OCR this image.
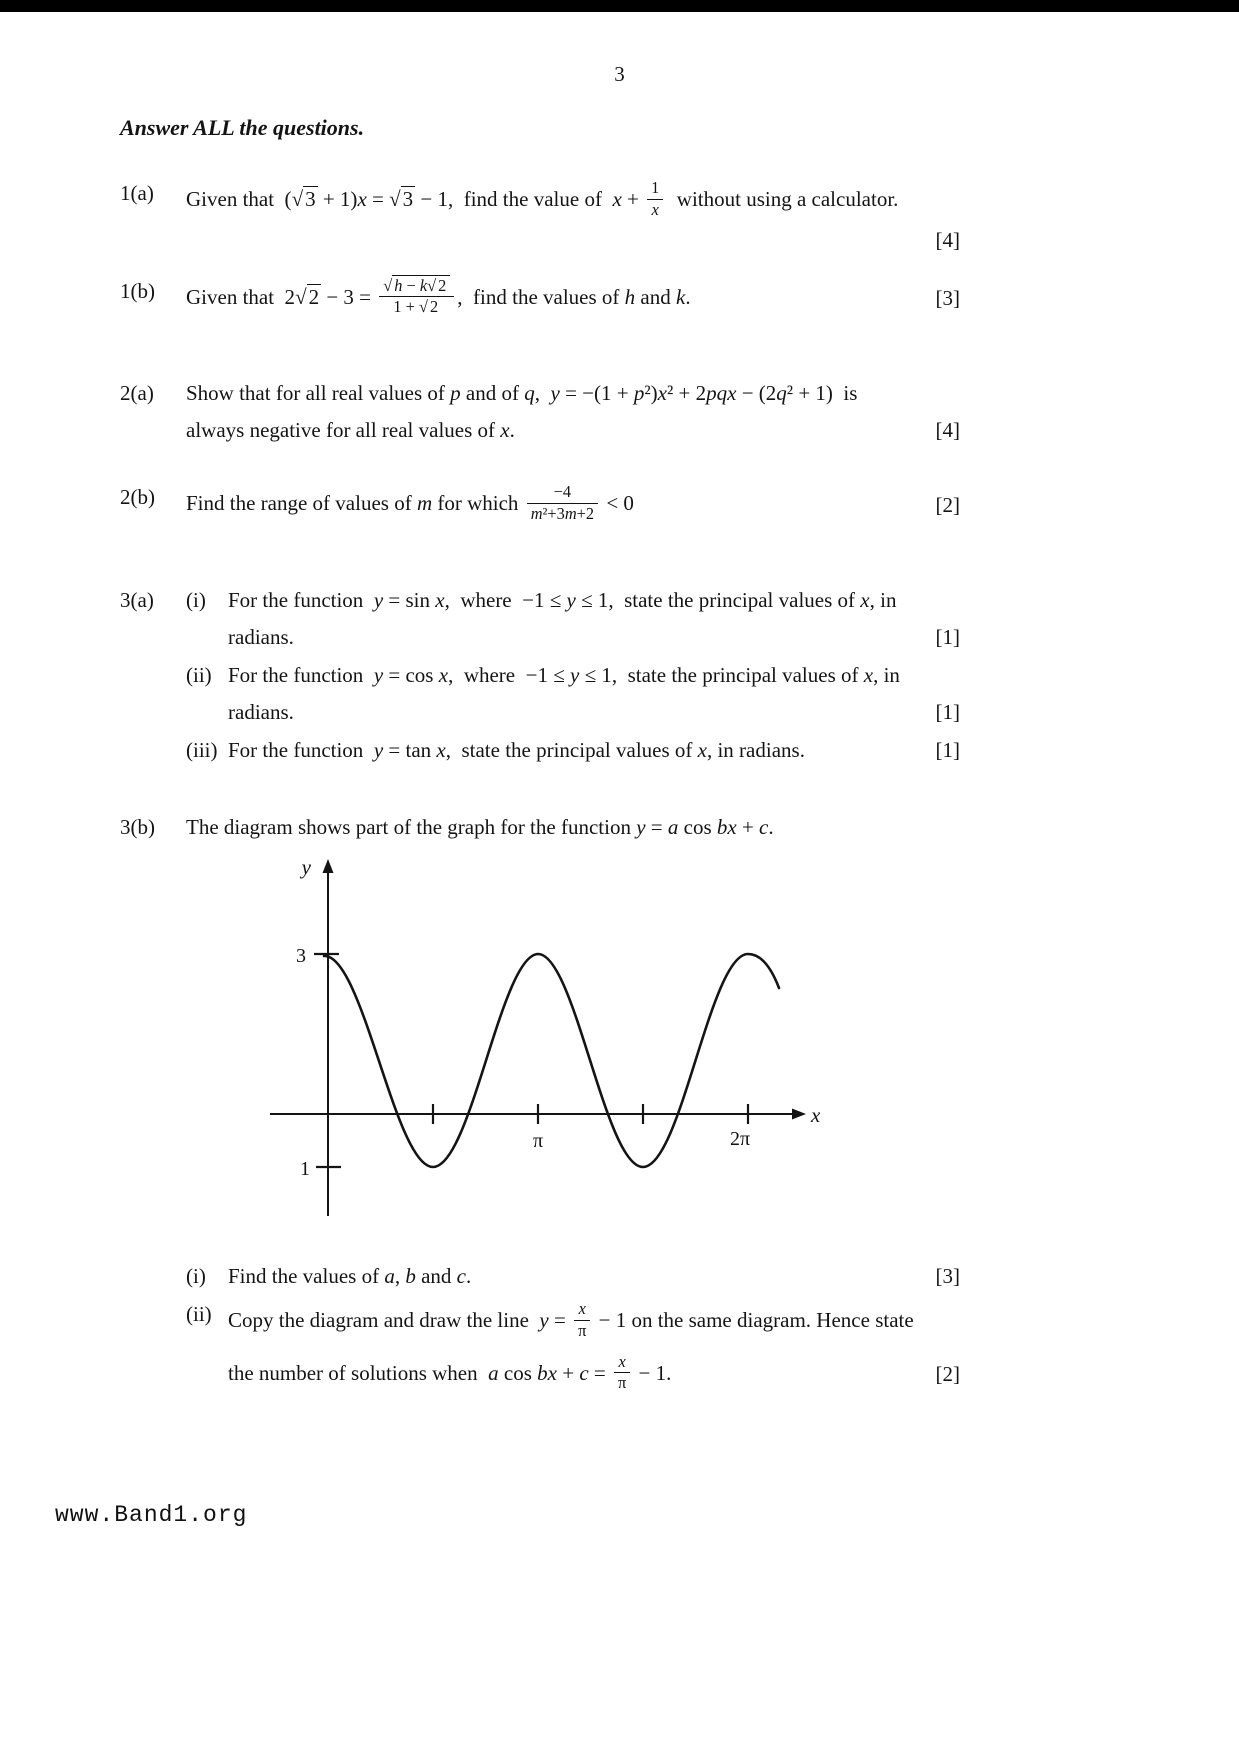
3
Answer ALL the questions.
1(a)	Given that  (√3 + 1)x = √3 − 1,  find the value of  $x + \frac{1}{x}$ without using a calculator.
[4]
1(b)	Given that  $2√2 - 3 = \frac{√ h - k√ 2}{1 + √ 2}$ ,  find the values of h and k.	[3]
2(a)	Show that for all real values of p and of q,  y = −(1 + p²)x² + 2pqx − (2q² + 1)  is
always negative for all real values of x.	[4]
2(b)	Find the range of values of m for which $\frac{-4}{\text{m²+3m+2}} < 0$	[2]
3(a)	(i)	For the function  y = sin x,  where  −1 ≤ y ≤ 1,  state the principal values of x, in
radians.	[1]
(ii) For the function  y = cos x,  where  −1 ≤ y ≤ 1,  state the principal values of x, in
radians.	[1]
(iii) For the function  y = tan x,  state the principal values of x, in radians.	[1]
3(b)	The diagram shows part of the graph for the function y = a cos bx + c.
y
x
3
1
π	2π
(i)	Find the values of a, b and c.	[3]
(ii) Copy the diagram and draw the line  $y = \frac{x}{\pi} - 1$ on the same diagram. Hence state
the number of solutions when  a cos bx + $c = \frac{x}{\pi} - 1$.	[2]
www.Band1.org
